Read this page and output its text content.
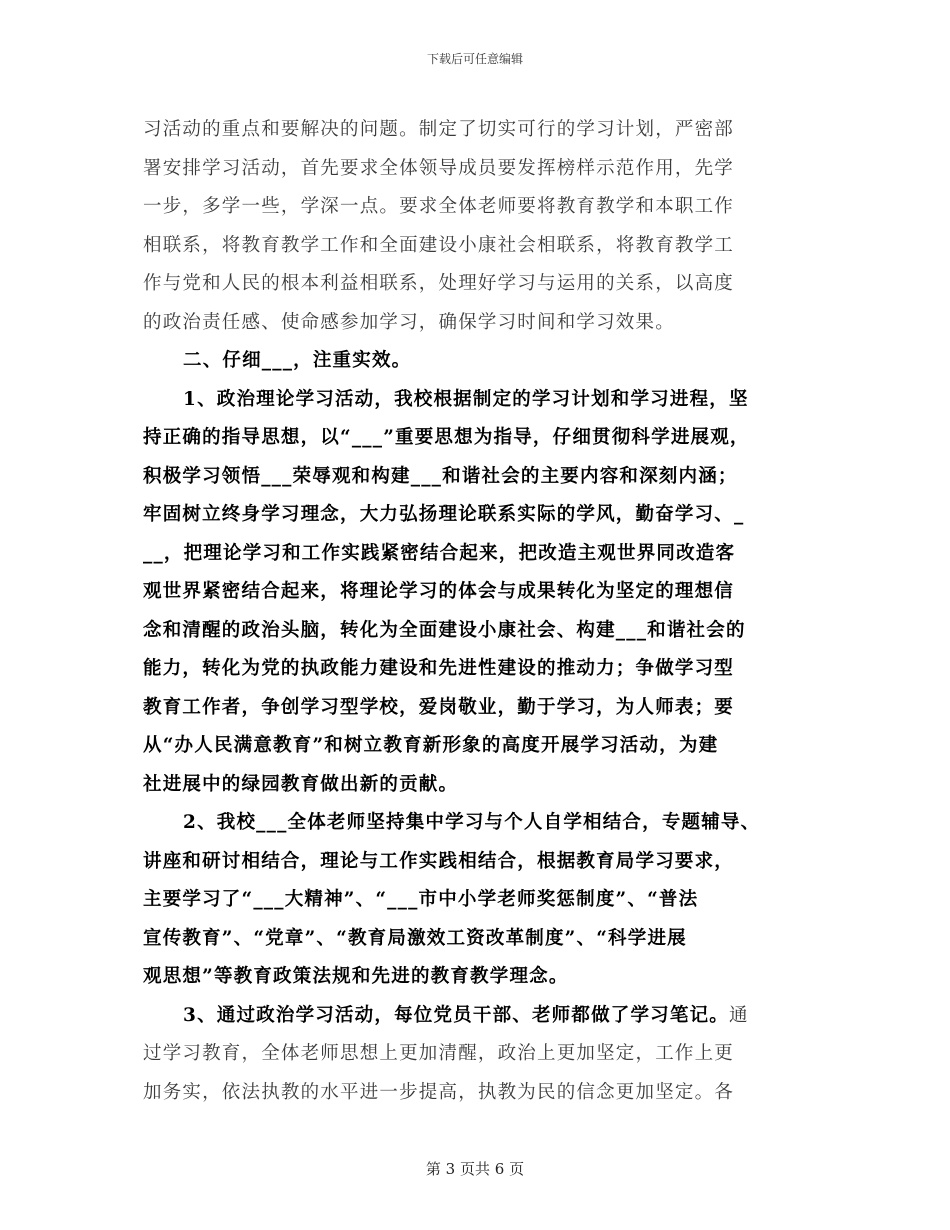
下载后可任意编辑
习活动的重点和要解决的问题。制定了切实可行的学习计划，严密部
署安排学习活动，首先要求全体领导成员要发挥榜样示范作用，先学
一步，多学一些，学深一点。要求全体老师要将教育教学和本职工作
相联系，将教育教学工作和全面建设小康社会相联系，将教育教学工
作与党和人民的根本利益相联系，处理好学习与运用的关系，以高度
的政治责任感、使命感参加学习，确保学习时间和学习效果。
二、仔细___，注重实效。
1、政治理论学习活动，我校根据制定的学习计划和学习进程，坚
持正确的指导思想，以“___”重要思想为指导，仔细贯彻科学进展观，
积极学习领悟___荣辱观和构建___和谐社会的主要内容和深刻内涵；
牢固树立终身学习理念，大力弘扬理论联系实际的学风，勤奋学习、_
__，把理论学习和工作实践紧密结合起来，把改造主观世界同改造客
观世界紧密结合起来，将理论学习的体会与成果转化为坚定的理想信
念和清醒的政治头脑，转化为全面建设小康社会、构建___和谐社会的
能力，转化为党的执政能力建设和先进性建设的推动力；争做学习型
教育工作者，争创学习型学校，爱岗敬业，勤于学习，为人师表；要
从“办人民满意教育”和树立教育新形象的高度开展学习活动，为建
社进展中的绿园教育做出新的贡献。
2、我校___全体老师坚持集中学习与个人自学相结合，专题辅导、
讲座和研讨相结合，理论与工作实践相结合，根据教育局学习要求，
主要学习了“___大精神”、“___市中小学老师奖惩制度”、“普法
宣传教育”、“党章”、“教育局激效工资改革制度”、“科学进展
观思想”等教育政策法规和先进的教育教学理念。
3、通过政治学习活动，每位党员干部、老师都做了学习笔记。通
过学习教育，全体老师思想上更加清醒，政治上更加坚定，工作上更
加务实，依法执教的水平进一步提高，执教为民的信念更加坚定。各
第 3 页共 6 页
